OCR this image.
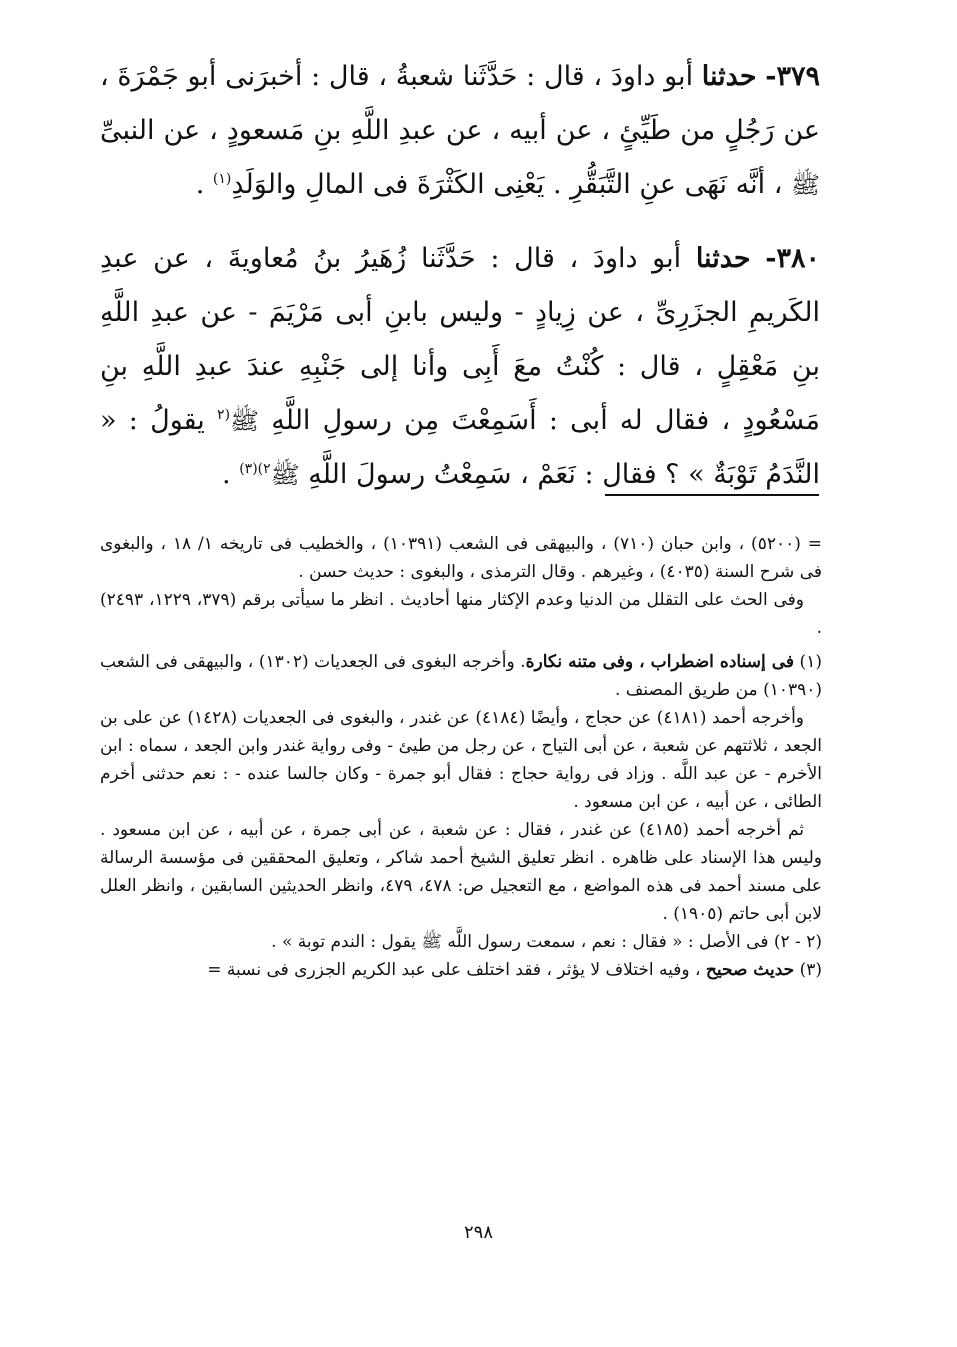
٣٧٩- حدثنا أبو داودَ ، قال : حَدَّثَنا شعبةُ ، قال : أخبرَنى أبو جَمْرَةَ ، عن رَجُلٍ من طَيِّئٍ ، عن أبيه ، عن عبدِ اللَّهِ بنِ مَسعودٍ ، عن النبىِّ ﷺ ، أنَّه نَهَى عنِ التَّبَقُّرِ . يَعْنِى الكَثْرَةَ فى المالِ والوَلَدِ$^{(١)}$ .

٣٨٠- حدثنا أبو داودَ ، قال : حَدَّثَنا زُهَيرُ بنُ مُعاويةَ ، عن عبدِ الكَريمِ الجزَرِىِّ ، عن زِيادٍ - وليس بابنِ أبى مَرْيَمَ - عن عبدِ اللَّهِ بنِ مَعْقِلٍ ، قال : كُنْتُ معَ أَبِى وأنا إلى جَنْبِهِ عندَ عبدِ اللَّهِ بنِ مَسْعُودٍ ، فقال له أبى : أَسَمِعْتَ مِن رسولِ اللَّهِ ﷺ$^{(٢}$ يقولُ : « النَّدَمُ تَوْبَةٌ » ؟ فقال : نَعَمْ ، سَمِعْتُ رسولَ اللَّهِ ﷺ$^{٢)(٣)}$ .

= (٥٢٠٠) ، وابن حبان (٧١٠) ، والبيهقى فى الشعب (١٠٣٩١) ، والخطيب فى تاريخه ١/ ١٨ ، والبغوى فى شرح السنة (٤٠٣٥) ، وغيرهم . وقال الترمذى ، والبغوى : حديث حسن .

وفى الحث على التقلل من الدنيا وعدم الإكثار منها أحاديث . انظر ما سيأتى برقم (٣٧٩، ١٢٢٩، ٢٤٩٣) .

(١) فى إسناده اضطراب ، وفى متنه نكارة. وأخرجه البغوى فى الجعديات (١٣٠٢) ، والبيهقى فى الشعب (١٠٣٩٠) من طريق المصنف .

وأخرجه أحمد (٤١٨١) عن حجاج ، وأيضًا (٤١٨٤) عن غندر ، والبغوى فى الجعديات (١٤٢٨) عن على بن الجعد ، ثلاثتهم عن شعبة ، عن أبى التياح ، عن رجل من طيئ - وفى رواية غندر وابن الجعد ، سماه : ابن الأخرم - عن عبد اللَّه . وزاد فى رواية حجاج : فقال أبو جمرة - وكان جالسا عنده - : نعم حدثنى أخرم الطائى ، عن أبيه ، عن ابن مسعود .

ثم أخرجه أحمد (٤١٨٥) عن غندر ، فقال : عن شعبة ، عن أبى جمرة ، عن أبيه ، عن ابن مسعود . وليس هذا الإسناد على ظاهره . انظر تعليق الشيخ أحمد شاكر ، وتعليق المحققين فى مؤسسة الرسالة على مسند أحمد فى هذه المواضع ، مع التعجيل ص: ٤٧٨، ٤٧٩، وانظر الحديثين السابقين ، وانظر العلل لابن أبى حاتم (١٩٠٥) .

(٢ - ٢) فى الأصل : « فقال : نعم ، سمعت رسول اللَّه ﷺ يقول : الندم توبة » .

(٣) حديث صحيح ، وفيه اختلاف لا يؤثر ، فقد اختلف على عبد الكريم الجزرى فى نسبة =

٢٩٨
